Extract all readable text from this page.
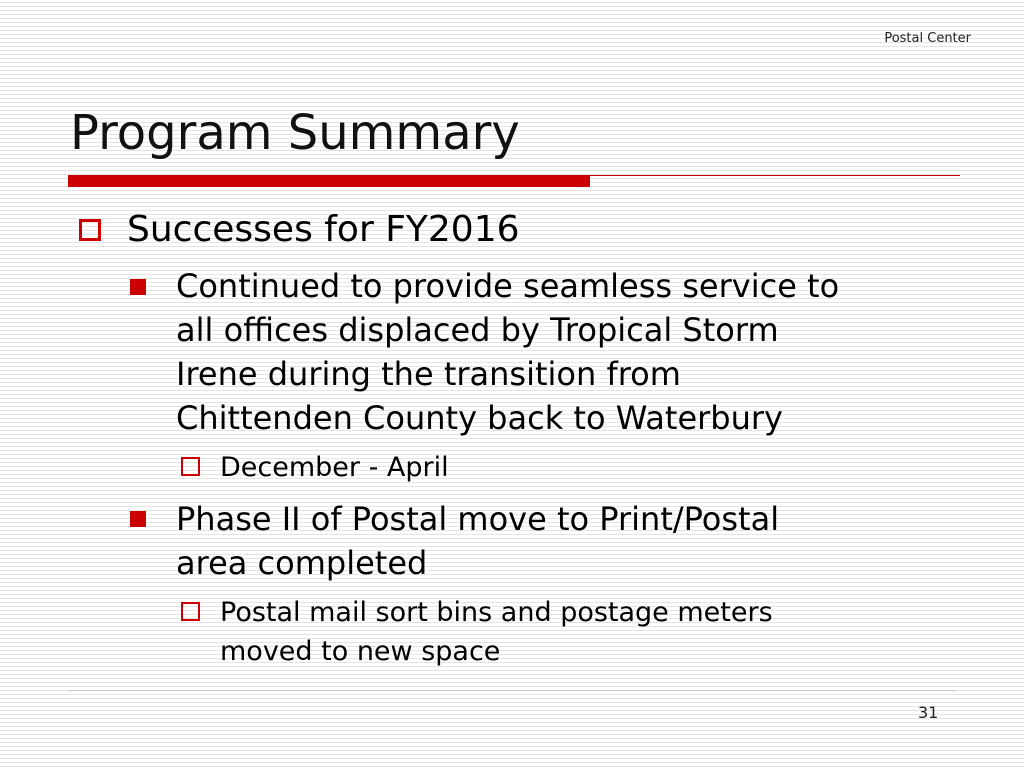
Postal Center
Program Summary
Successes for FY2016
Continued to provide seamless service to
all offices displaced by Tropical Storm
Irene during the transition from
Chittenden County back to Waterbury
December - April
Phase II of Postal move to Print/Postal
area completed
Postal mail sort bins and postage meters
moved to new space
31
